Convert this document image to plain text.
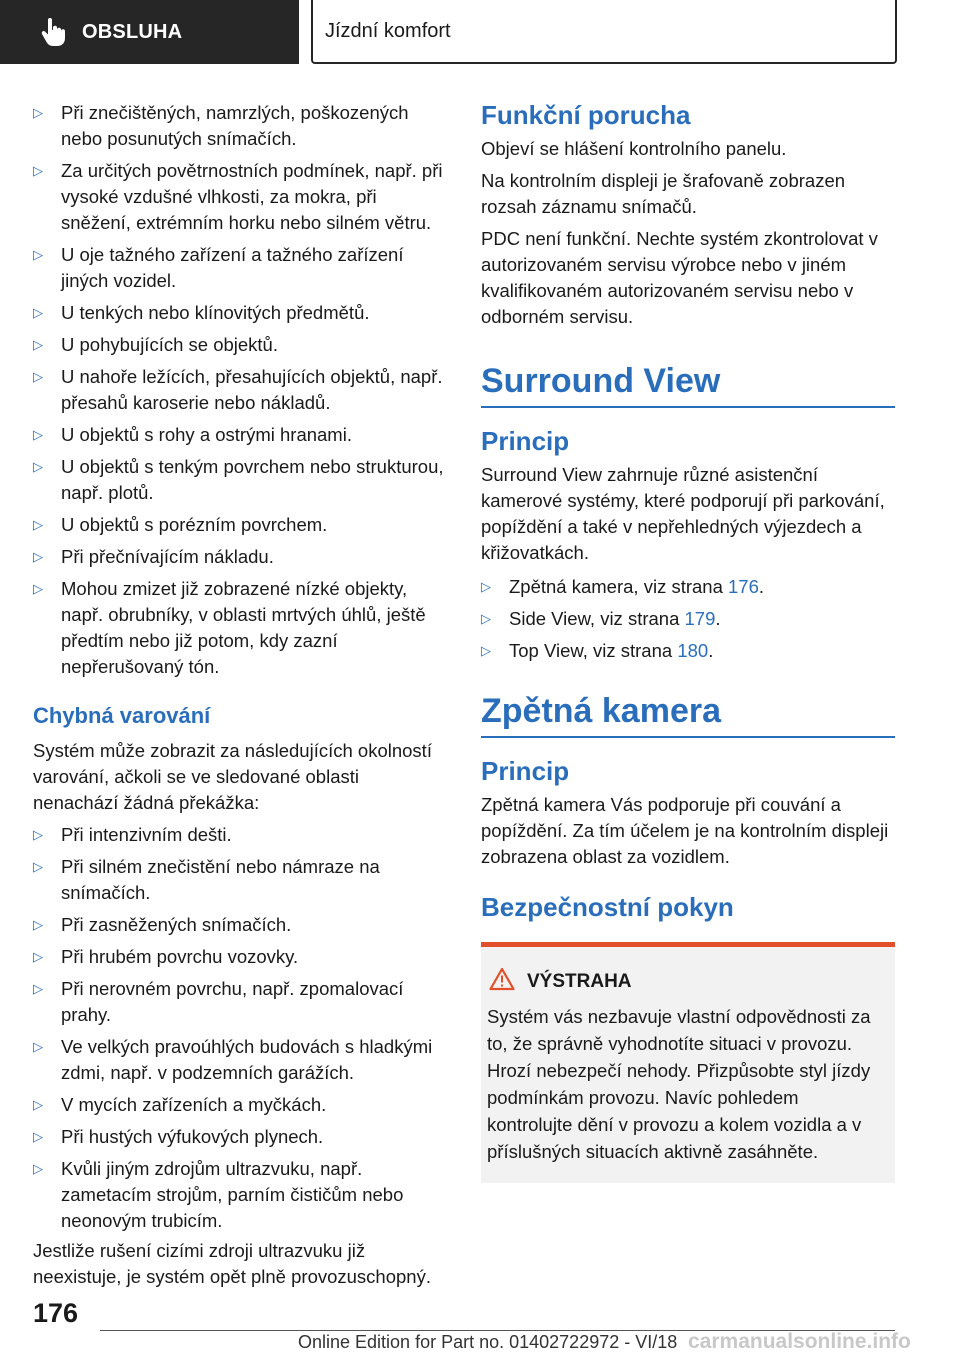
OBSLUHA	Jízdní komfort
▷ Při znečištěných, namrzlých, poškozených nebo posunutých snímačích.
▷ Za určitých povětrnostních podmínek, např. při vysoké vzdušné vlhkosti, za mokra, při sněžení, extrémním horku nebo silném větru.
▷ U oje tažného zařízení a tažného zařízení jiných vozidel.
▷ U tenkých nebo klínovitých předmětů.
▷ U pohybujících se objektů.
▷ U nahoře ležících, přesahujících objektů, např. přesahů karoserie nebo nákladů.
▷ U objektů s rohy a ostrými hranami.
▷ U objektů s tenkým povrchem nebo strukturou, např. plotů.
▷ U objektů s porézním povrchem.
▷ Při přečnívajícím nákladu.
▷ Mohou zmizet již zobrazené nízké objekty, např. obrubníky, v oblasti mrtvých úhlů, ještě předtím nebo již potom, kdy zazní nepřerušovaný tón.
Chybná varování

Systém může zobrazit za následujících okolností varování, ačkoli se ve sledované oblasti nenachází žádná překážka:

▷ Při intenzivním dešti.
▷ Při silném znečistění nebo námraze na snímačích.
▷ Při zasněžených snímačích.
▷ Při hrubém povrchu vozovky.
▷ Při nerovném povrchu, např. zpomalovací prahy.
▷ Ve velkých pravoúhlých budovách s hladkými zdmi, např. v podzemních garážích.
▷ V mycích zařízeních a myčkách.
▷ Při hustých výfukových plynech.
▷ Kvůli jiným zdrojům ultrazvuku, např. zametacím strojům, parním čističům nebo neonovým trubicím.

Jestliže rušení cizími zdroji ultrazvuku již neexistuje, je systém opět plně provozuschopný.

Funkční porucha

Objeví se hlášení kontrolního panelu.

Na kontrolním displeji je šrafovaně zobrazen rozsah záznamu snímačů.

PDC není funkční. Nechte systém zkontrolovat v autorizovaném servisu výrobce nebo v jiném kvalifikovaném autorizovaném servisu nebo v odborném servisu.

Surround View
Princip

Surround View zahrnuje různé asistenční kamerové systémy, které podporují při parkování, popíždění a také v nepřehledných výjezdech a křižovatkách.

▷ Zpětná kamera, viz strana 176.
▷ Side View, viz strana 179.
▷ Top View, viz strana 180.
Zpětná kamera
Princip

Zpětná kamera Vás podporuje při couvání a popíždění. Za tím účelem je na kontrolním displeji zobrazena oblast za vozidlem.

Bezpečnostní pokyn
VÝSTRAHA
Systém vás nezbavuje vlastní odpovědnosti za to, že správně vyhodnotíte situaci v provozu. Hrozí nebezpečí nehody. Přizpůsobte styl jízdy podmínkám provozu. Navíc pohledem kontrolujte dění v provozu a kolem vozidla a v příslušných situacích aktivně zasáhněte.
176
Online Edition for Part no. 01402722972 - VI/18 carmanualsonline.info
